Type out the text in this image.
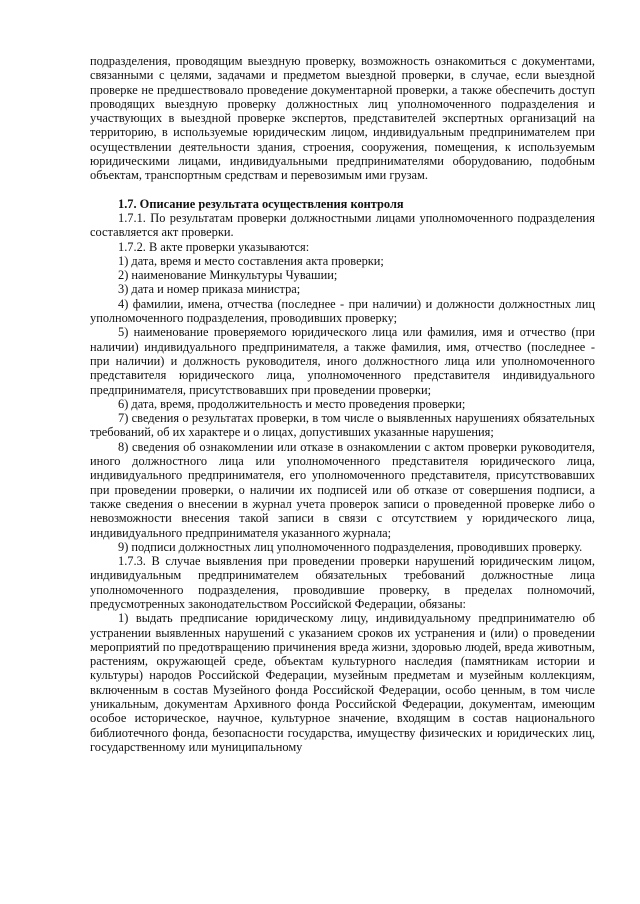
подразделения, проводящим выездную проверку, возможность ознакомиться с документами, связанными с целями, задачами и предметом выездной проверки, в случае, если выездной проверке не предшествовало проведение документарной проверки, а также обеспечить доступ проводящих выездную проверку должностных лиц уполномоченного подразделения и участвующих в выездной проверке экспертов, представителей экспертных организаций на территорию, в используемые юридическим лицом, индивидуальным предпринимателем при осуществлении деятельности здания, строения, сооружения, помещения, к используемым юридическими лицами, индивидуальными предпринимателями оборудованию, подобным объектам, транспортным средствам и перевозимым ими грузам.

1.7. Описание результата осуществления контроля

1.7.1. По результатам проверки должностными лицами уполномоченного подразделения составляется акт проверки.

1.7.2. В акте проверки указываются:

1) дата, время и место составления акта проверки;

2) наименование Минкультуры Чувашии;

3) дата и номер приказа министра;

4) фамилии, имена, отчества (последнее - при наличии) и должности должностных лиц уполномоченного подразделения, проводивших проверку;

5) наименование проверяемого юридического лица или фамилия, имя и отчество (при наличии) индивидуального предпринимателя, а также фамилия, имя, отчество (последнее - при наличии) и должность руководителя, иного должностного лица или уполномоченного представителя юридического лица, уполномоченного представителя индивидуального предпринимателя, присутствовавших при проведении проверки;

6) дата, время, продолжительность и место проведения проверки;

7) сведения о результатах проверки, в том числе о выявленных нарушениях обязательных требований, об их характере и о лицах, допустивших указанные нарушения;

8) сведения об ознакомлении или отказе в ознакомлении с актом проверки руководителя, иного должностного лица или уполномоченного представителя юридического лица, индивидуального предпринимателя, его уполномоченного представителя, присутствовавших при проведении проверки, о наличии их подписей или об отказе от совершения подписи, а также сведения о внесении в журнал учета проверок записи о проведенной проверке либо о невозможности внесения такой записи в связи с отсутствием у юридического лица, индивидуального предпринимателя указанного журнала;

9) подписи должностных лиц уполномоченного подразделения, проводивших проверку.

1.7.3. В случае выявления при проведении проверки нарушений юридическим лицом, индивидуальным предпринимателем обязательных требований должностные лица уполномоченного подразделения, проводившие проверку, в пределах полномочий, предусмотренных законодательством Российской Федерации, обязаны:

1) выдать предписание юридическому лицу, индивидуальному предпринимателю об устранении выявленных нарушений с указанием сроков их устранения и (или) о проведении мероприятий по предотвращению причинения вреда жизни, здоровью людей, вреда животным, растениям, окружающей среде, объектам культурного наследия (памятникам истории и культуры) народов Российской Федерации, музейным предметам и музейным коллекциям, включенным в состав Музейного фонда Российской Федерации, особо ценным, в том числе уникальным, документам Архивного фонда Российской Федерации, документам, имеющим особое историческое, научное, культурное значение, входящим в состав национального библиотечного фонда, безопасности государства, имуществу физических и юридических лиц, государственному или муниципальному
